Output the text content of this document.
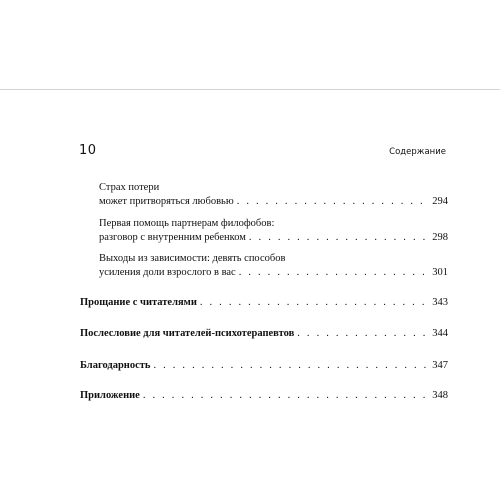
10	Содержание
Страх потери
может притворяться любовью . . .	294
Первая помощь партнерам филофобов:
разговор с внутренним ребенком . . .	298
Выходы из зависимости: девять способов
усиления доли взрослого в вас . . .	301
Прощание с читателями . . .	343
Послесловие для читателей-психотерапевтов . . .	344
Благодарность . . .	347
Приложение . . .	348
